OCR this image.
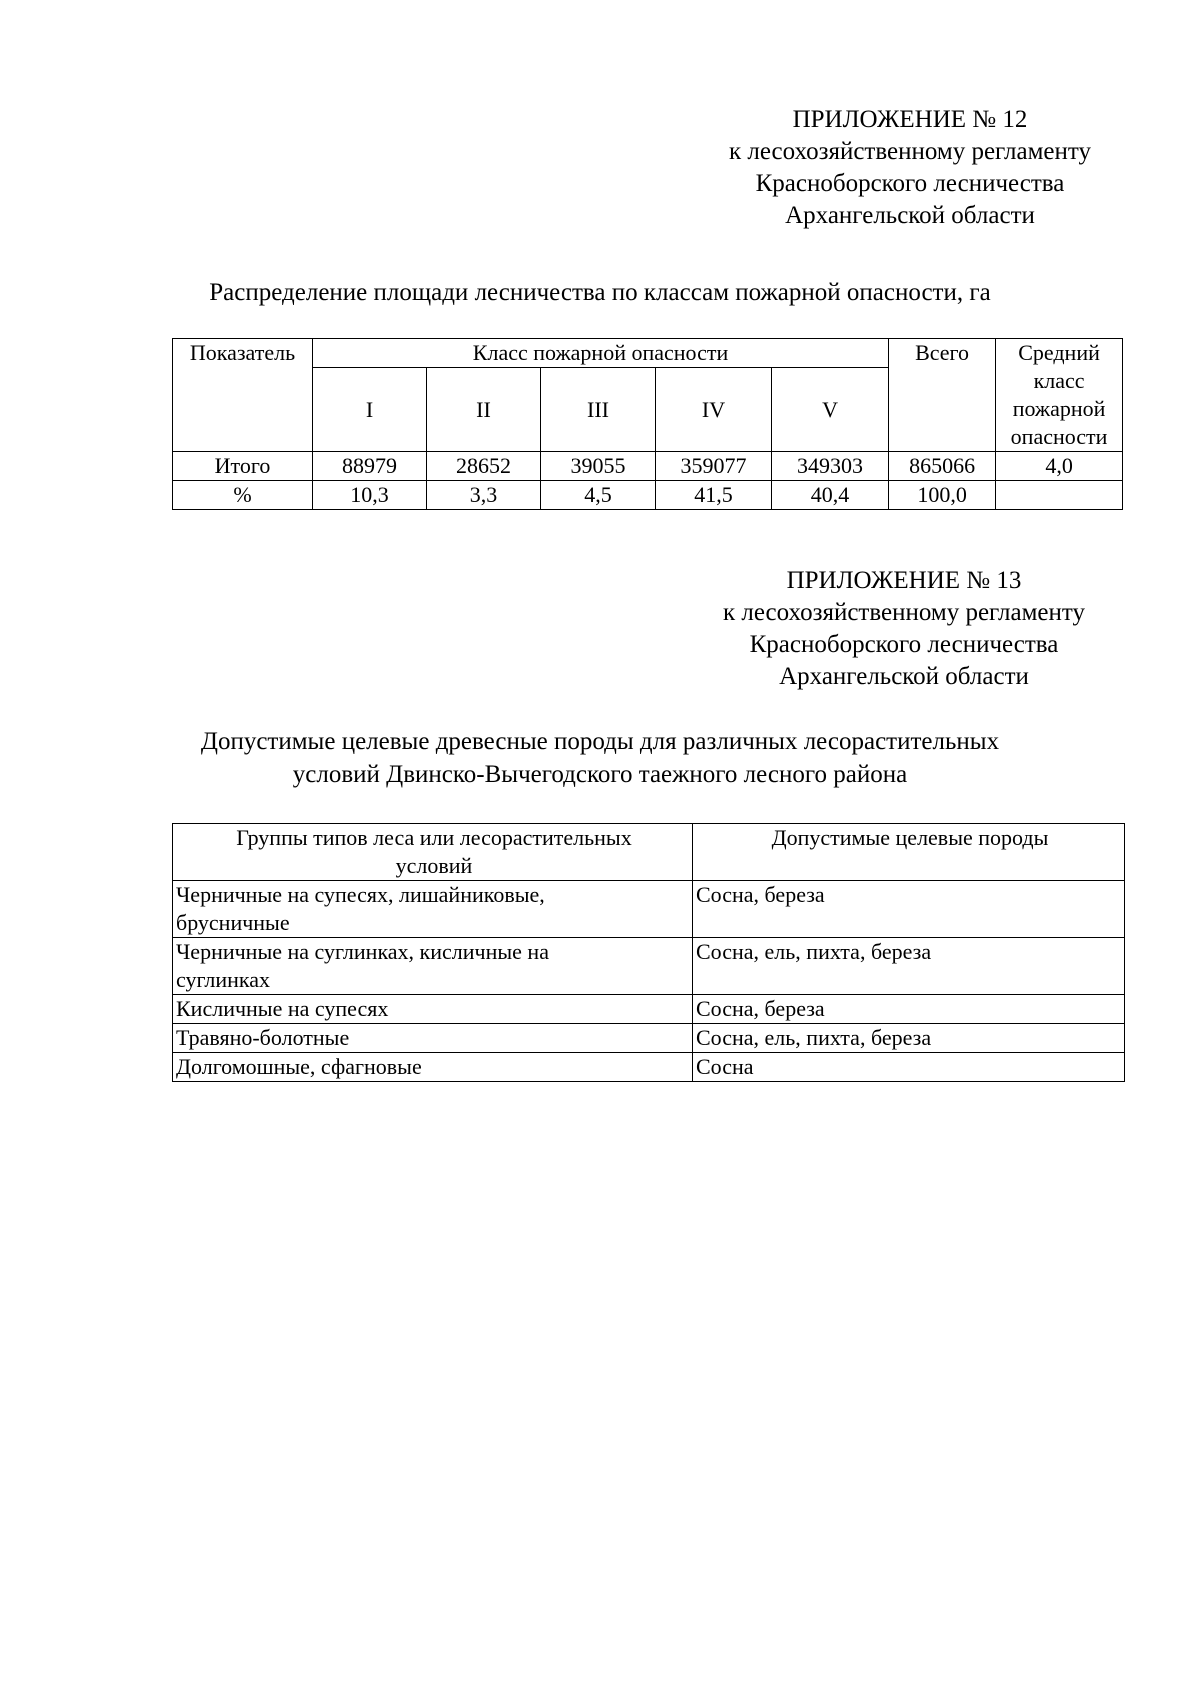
ПРИЛОЖЕНИЕ № 12
к лесохозяйственному регламенту
Красноборского лесничества
Архангельской области
Распределение площади лесничества по классам пожарной опасности, га
Показатель	Класс пожарной опасности					Всего	Средний
класс
пожарной
опасности

	I	II	III	IV	V		
Итого	88979	28652	39055	359077	349303	865066	4,0
%	10,3	3,3	4,5	41,5	40,4	100,0	
ПРИЛОЖЕНИЕ № 13
к лесохозяйственному регламенту
Красноборского лесничества
Архангельской области
Допустимые целевые древесные породы для различных лесорастительных
условий Двинско-Вычегодского таежного лесного района
Группы типов леса или лесорастительных
условий	Допустимые целевые породы

Черничные на супесях, лишайниковые,
брусничные	Сосна, береза

Черничные на суглинках, кисличные на
суглинках	Сосна, ель, пихта, береза
Кисличные на супесях	Сосна, береза
Травяно-болотные	Сосна, ель, пихта, береза
Долгомошные, сфагновые	Сосна
